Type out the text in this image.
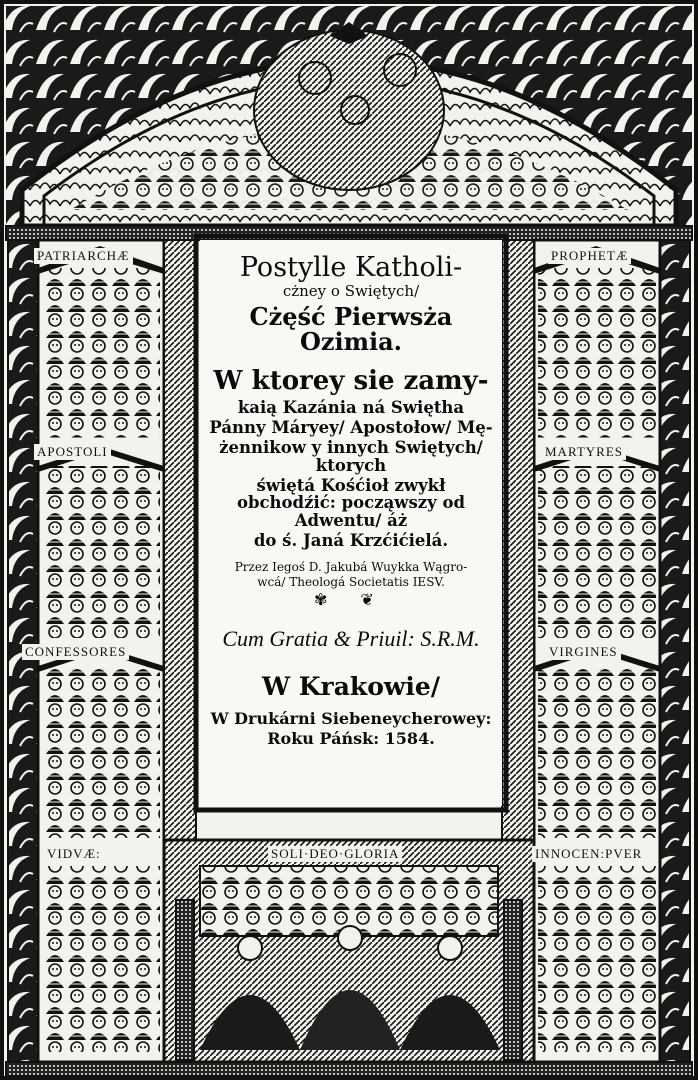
PATRIARCHÆ	PROPHETÆ
APOSTOLI	MARTYRES
CONFESSORES	VIRGINES
VIDVÆ:	INNOCEN:PVER
SOLI·DEO·GLORIA
Postylle Katholi-
cżney o Swiętych/
Cżęść Pierwsża Ozimia.
W ktorey sie zamy-
kaią Kazánia ná Swiętha
Pánny Máryey/ Apostołow/ Mę-
żennikow y innych Swiętych/ ktorych
świętá Kośćioł zwykł obchodźić: począwszy od Adwentu/ áż
do ś. Janá Krzćićielá.
Przez Iegoś D. Jakubá Wuykka Wągro-
wcá/ Theologá Societatis IESV.
✾ ❦
Cum Gratia & Priuil: S.R.M.
W Krakowie/
W Drukárni Siebeneycherowey:
Roku Páńsk: 1584.
